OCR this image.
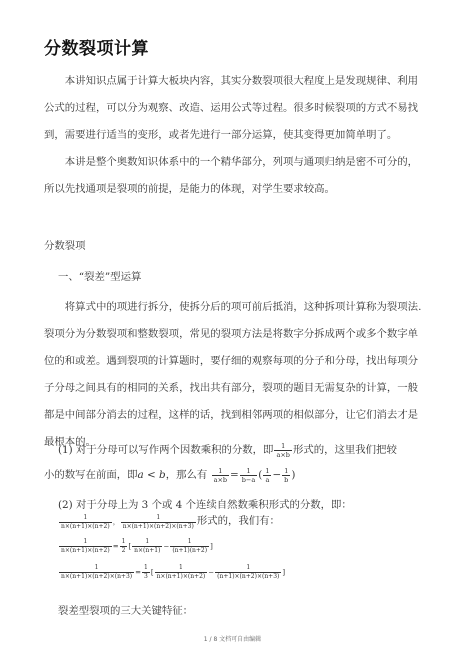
分数裂项计算

本讲知识点属于计算大板块内容，其实分数裂项很大程度上是发现规律、利用公式的过程，可以分为观察、改造、运用公式等过程。很多时候裂项的方式不易找到，需要进行适当的变形，或者先进行一部分运算，使其变得更加简单明了。

本讲是整个奥数知识体系中的一个精华部分，列项与通项归纳是密不可分的，所以先找通项是裂项的前提，是能力的体现，对学生要求较高。

分数裂项
一、“裂差”型运算

将算式中的项进行拆分，使拆分后的项可前后抵消，这种拆项计算称为裂项法.裂项分为分数裂项和整数裂项，常见的裂项方法是将数字分拆成两个或多个数字单位的和或差。遇到裂项的计算题时，要仔细的观察每项的分子和分母，找出每项分子分母之间具有的相同的关系，找出共有部分，裂项的题目无需复杂的计算，一般都是中间部分消去的过程，这样的话，找到相邻两项的相似部分，让它们消去才是最根本的。

(1) 对于分母可以写作两个因数乘积的分数，即 $\frac{1}{a\times b}$ 形式的，这里我们把较
小的数写在前面，即a < b，那么有 $\frac{1}{a\times b} = \frac{1}{b-a}$ ( $\frac{1}{a} - \frac{1}{b}$ )
(2) 对于分母上为 3 个或 4 个连续自然数乘积形式的分数，即：
$\frac{1}{n\times(n+1)\times(n+2)}$ ， $\frac{1}{n\times(n+1)\times(n+2)\times(n+3)}$ 形式的，我们有：
$\frac{1}{n\times(n+1)\times(n+2)} = \frac{1}{2}$ [ $\frac{1}{n\times(n+1)} - \frac{1}{(n+1)(n+2)}$ ]
$\frac{1}{n\times(n+1)\times(n+2)\times(n+3)} = \frac{1}{3}$ [ $\frac{1}{n\times(n+1)\times(n+2)} - \frac{1}{(n+1)\times(n+2)\times(n+3)}$ ]
裂差型裂项的三大关键特征：
1 / 8 文档可自由编辑
